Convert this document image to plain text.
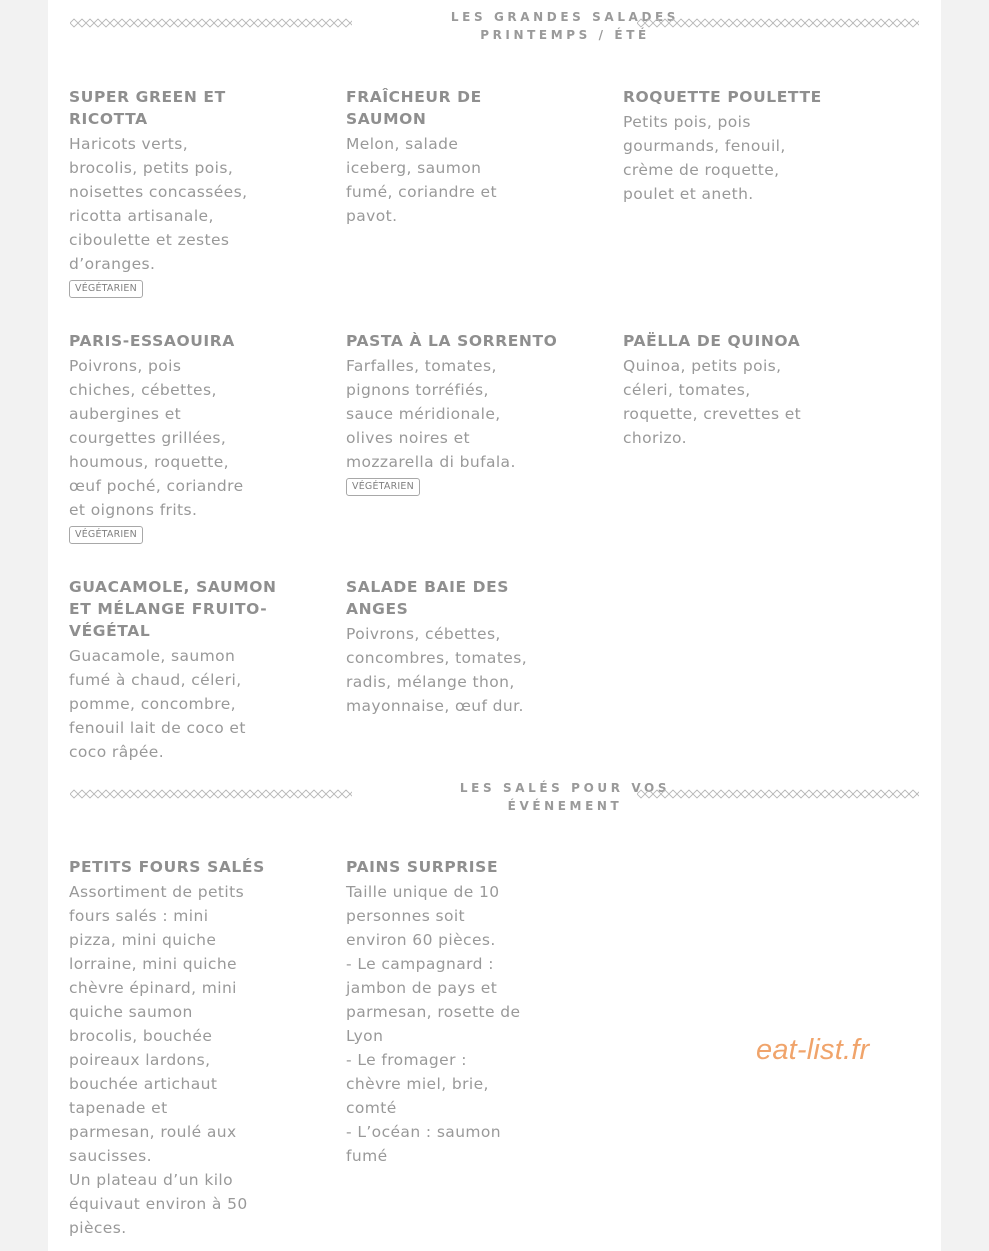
LES GRANDES SALADES
PRINTEMPS / ÉTÉ
SUPER GREEN ET RICOTTA
Haricots verts,
brocolis, petits pois,
noisettes concassées,
ricotta artisanale,
ciboulette et zestes
d’oranges.
VÉGÉTARIEN
FRAÎCHEUR DE SAUMON
Melon, salade
iceberg, saumon
fumé, coriandre et
pavot.
ROQUETTE POULETTE
Petits pois, pois
gourmands, fenouil,
crème de roquette,
poulet et aneth.
PARIS-ESSAOUIRA
Poivrons, pois
chiches, cébettes,
aubergines et
courgettes grillées,
houmous, roquette,
œuf poché, coriandre
et oignons frits.
VÉGÉTARIEN
PASTA À LA SORRENTO
Farfalles, tomates,
pignons torréfiés,
sauce méridionale,
olives noires et
mozzarella di bufala.
VÉGÉTARIEN
PAËLLA DE QUINOA
Quinoa, petits pois,
céleri, tomates,
roquette, crevettes et
chorizo.
GUACAMOLE, SAUMON ET MÉLANGE FRUITO-VÉGÉTAL
Guacamole, saumon
fumé à chaud, céleri,
pomme, concombre,
fenouil lait de coco et
coco râpée.
SALADE BAIE DES ANGES
Poivrons, cébettes,
concombres, tomates,
radis, mélange thon,
mayonnaise, œuf dur.
LES SALÉS POUR VOS
ÉVÉNEMENT
PETITS FOURS SALÉS
Assortiment de petits
fours salés : mini
pizza, mini quiche
lorraine, mini quiche
chèvre épinard, mini
quiche saumon
brocolis, bouchée
poireaux lardons,
bouchée artichaut
tapenade et
parmesan, roulé aux
saucisses.
Un plateau d’un kilo
équivaut environ à 50
pièces.
PAINS SURPRISE
Taille unique de 10
personnes soit
environ 60 pièces.
- Le campagnard :
jambon de pays et
parmesan, rosette de
Lyon
- Le fromager :
chèvre miel, brie,
comté
- L’océan : saumon
fumé
eat-list.fr
